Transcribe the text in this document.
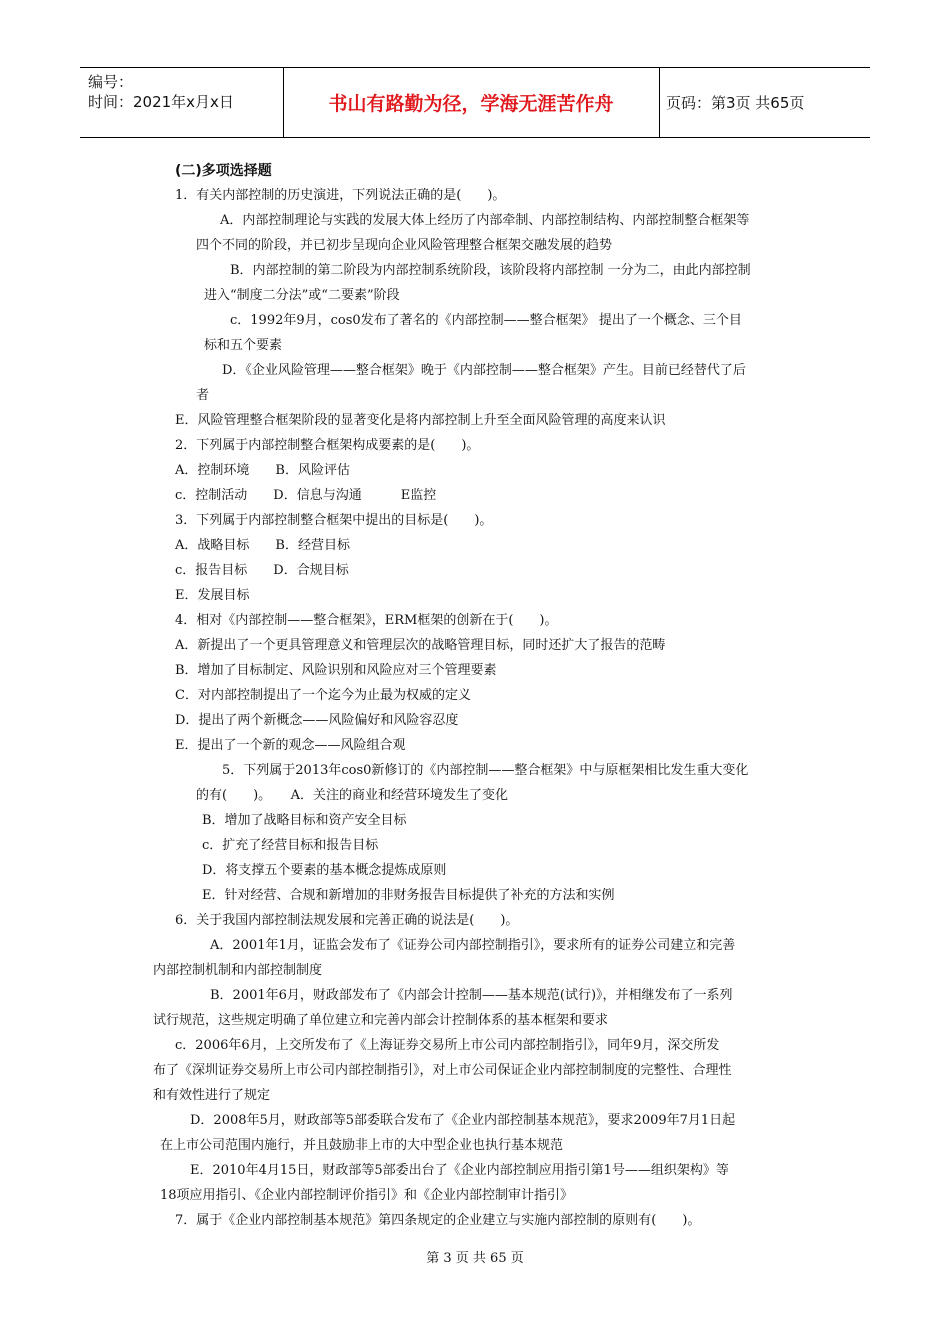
编号：
时间：2021年x月x日	书山有路勤为径，学海无涯苦作舟	页码：第3页 共65页
(二)多项选择题
1．有关内部控制的历史演进，下列说法正确的是(　　)。
A．内部控制理论与实践的发展大体上经历了内部牵制、内部控制结构、内部控制整合框架等
四个不同的阶段，并已初步呈现向企业风险管理整合框架交融发展的趋势
B．内部控制的第二阶段为内部控制系统阶段，该阶段将内部控制 一分为二，由此内部控制
进入“制度二分法”或“二要素”阶段
c．1992年9月，cos0发布了著名的《内部控制——整合框架》 提出了一个概念、三个目
标和五个要素
D．《企业风险管理——整合框架》晚于《内部控制——整合框架》产生。目前已经替代了后
者
E．风险管理整合框架阶段的显著变化是将内部控制上升至全面风险管理的高度来认识
2．下列属于内部控制整合框架构成要素的是(　　)。
A．控制环境　　B．风险评估
c．控制活动　　D．信息与沟通　　　E监控
3．下列属于内部控制整合框架中提出的目标是(　　)。
A．战略目标　　B．经营目标
c．报告目标　　D．合规目标
E．发展目标
4．相对《内部控制——整合框架》，ERM框架的创新在于(　　)。
A．新提出了一个更具管理意义和管理层次的战略管理目标，同时还扩大了报告的范畴
B．增加了目标制定、风险识别和风险应对三个管理要素
C．对内部控制提出了一个迄今为止最为权威的定义
D．提出了两个新概念——风险偏好和风险容忍度
E．提出了一个新的观念——风险组合观
5．下列属于2013年cos0新修订的《内部控制——整合框架》中与原框架相比发生重大变化
的有(　　)。　　A．关注的商业和经营环境发生了变化
B．增加了战略目标和资产安全目标
c．扩充了经营目标和报告目标
D．将支撑五个要素的基本概念提炼成原则
E．针对经营、合规和新增加的非财务报告目标提供了补充的方法和实例
6．关于我国内部控制法规发展和完善正确的说法是(　　)。
A．2001年1月，证监会发布了《证券公司内部控制指引》，要求所有的证券公司建立和完善
内部控制机制和内部控制制度
B．2001年6月，财政部发布了《内部会计控制——基本规范(试行)》，并相继发布了一系列
试行规范，这些规定明确了单位建立和完善内部会计控制体系的基本框架和要求
c．2006年6月，上交所发布了《上海证券交易所上市公司内部控制指引》，同年9月，深交所发
布了《深圳证券交易所上市公司内部控制指引》，对上市公司保证企业内部控制制度的完整性、合理性
和有效性进行了规定
D．2008年5月，财政部等5部委联合发布了《企业内部控制基本规范》，要求2009年7月1日起
在上市公司范围内施行，并且鼓励非上市的大中型企业也执行基本规范
E．2010年4月15日，财政部等5部委出台了《企业内部控制应用指引第1号——组织架构》等
18项应用指引、《企业内部控制评价指引》和《企业内部控制审计指引》
7．属于《企业内部控制基本规范》第四条规定的企业建立与实施内部控制的原则有(　　)。
第 3 页 共 65 页
